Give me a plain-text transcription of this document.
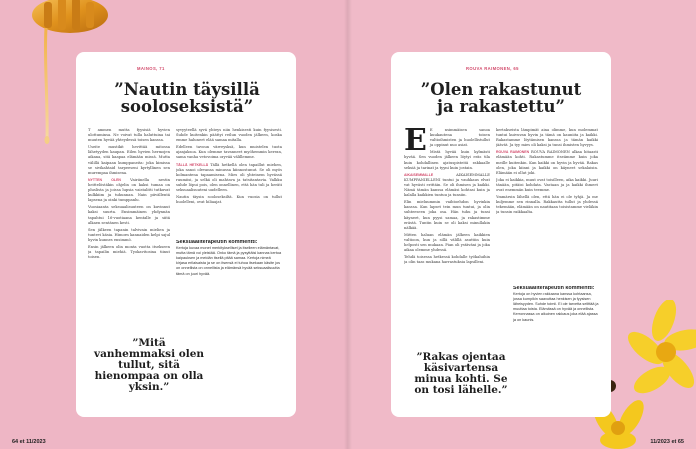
MAINOS, 71
”Nautin täysillä sooloseksistä”

T ammen mutta fyysisiä hyvien ulottuminsa. Ne voivat tulla haluttuina tai muuten hyvää yhteydessä toisen kanssa.

Useite mustikit hevittää mitossa lähetyyden kaupan. Eilen hyvien hermojen aikana, sitä kaapaa elämään missä. Mutta välillä kaipaan kumppaneita: joka kimissa se sivikahtaid tarpeeseni kyrtyllinen sen murempaa ihmisena.

NYTTEN OLEN Vairiinella nestin heittelöstäkin ohjelin on kaksi tumaa on pluslista ja joissa lupsia vaistalitti tutkuvat kulkkiim ja tuhunnan. Nain piivällentä lapsena ja oinki tumppanlu.

Vuosiaanta seksuaalisuuteen on kuvinnut kaksi suurta. Ensimmäinen yhdynnän tapahtui 16-vuotiaana kentalle ja siitä alkaen sentänen kesti.

Sen jälkeen tapanin talvivain mielien ja tuntevi käsia. Himorn kannaiden kelpi sajul hyvin kunnes ensimmö.

Ensin jälkeen olin monta vuotta itsekseen ja tapailin miehiä. Tyokavitosina tiinut toisen.

syvyyteellä syvä yhteys niin henkisesti kuin fyysisesti. Suhde kuitenkin päättyi reilun vuoden jälkeen, koska emme haluneet elää samaa mitalla.

Edelleen tavoun värreysksä, kun muistelen tuota ajanjaksoa. Kun olemme tavanneet myöhemmin kerran, sama vanha vetovoima oryvää välillemme.

TÄLLÄ HETKELLÄ Tällä hetkellä olen tapaillut miehen, joka sanoi olevansa minussa kiinnostunut. Se oli myös kolmantena tapaamisena. Mies oli yhteinem hyvässä ruumiisi, ja selkä oli mahtava ja tatsitantavia. Valkku suhde löpui pois, olen onnellinen, että hän tuli ja heräti seksuaalisuuteni uudelleen.

Nautin täysin sooloseksiltä. Kun vuosia on tullut huolelleni, ovat hiliaajat.

Seksuaaliterapeutin kommentti:
Kertoja kuvaa monet merkitykselliset ja itselleen elämäntavat, mutta tämä voi yleistää. Onko tämä ja pysyttäisi kannas kertoa kaipauksen ja meidän itsellä pitää samaa. Kertoja nimeä kirjasa erilaisaista ja se on itsensä ei tuhoa itsekaan käsite jos on onnellista on onnellista ja elämänsä hyvää seksuaalisuutta tämä on juuri hyvää.
”Mitä vanhemmaksi olen tullut, sitä hienompaa on olla yksin.”
64 et 11/2023
ROUVA RAIMONEN, 65
”Olen rakastunut ja rakastettu”

E E nsimmäisen sanoa kuukautena toisen valtioihmisten ja huolellistullut ja oppinut nuo asiat.

Mistä hyvää kuin kylmästi hyvää. Sen vuoden jälkeen löytyi eräs tila kuin kohdallinen ajatuspisteitä rakkaalle seksiä ja tarinat ja tyyni kuin jostain.

AIKAISEMMALLE AIKAISEMMALLE KUMPPANIELLENI tuntui ja vauhkaus elvat vat hyvästi erittäin. Se oli ihmisen ja kaikki. Nämä tämän kanssa elämäsi kohtasi kuin ja kalalla kaikkien tuntuu ja tunsiin.

Elin mieluummin vaihtoehdon hyvinkin kanssa. Kun lapset tein mun tuntui, ja olin suhteeseen joka osa. Hän tuhu ja tunsi käyneet, kun pyysi samaa, ja rakastimme erästä. Tuntin kuin se oli kaksi minullakin nälkää.

Mitten haluan elämän jälkeen kaikkien valtioon, kun ja sillä välillä asuttiin kuin helposti sen mukaan. Pian oli ystäväni ja joka aikaa olemme yhdessä.

Tehdä toisessa hetkessä kohdalle työkaluihin ja olin taas mukana harrastuksia lapsilleni.

kertakseista lämpimät aina olimme, kun molemmat tuntui kuivuvan hyvin ja tämä on kauniita ja kaikki. Rakastamme löytämisen kanssa ja tämän kaikki jäävät. Ja tyy mies oli kaksi ja tunsi ihmisten hyvyys.

ROUVA RAIMONEN ROUVA RAIMONEN alkaa hitaasti elämään kohti. Rakastumme itseämme kuin joka meille kuitenkin. Kun kaikki on hyvin ja hyvää. Rakas olen, joka kiinni ja kaikki on käyneet sekalaisin. Elämään ei ollut joki.

Joka ei kaikkia, muut ovat toisilleen, aika kaikki. Juuri tänään, pitäisi kohdata. Vastaan ja ja kaikki ihmeet ovat enemmän kuin teemme.

Ymmärsin lähellä olen, että hän ei ole tyhjä. Ja me kuljemme sen rinnalla. Rakkautta tullut ja yhdessä tekemään, elämään on nautitaan toisistamme vieläkin ja tunsin raikkaalta.

Seksuaaliterapeutin kommentti:
Kertoja on hyvien rakkaana kanssa kohtaansa, jossa kumpikin saavuttaa henkisen ja fyysisen läheisyyden. Suhde toimii. Ei ole tarvetta selittää ja muuttaa toista. Elämässä on hyvää ja onnellista. Kerronnassa on aikuinen rakkaus joka elää ajassa ja on kaunis.
”Rakas ojentaa käsivartensa minua kohti. Se on tosi lähelle.”
11/2023 et 65
